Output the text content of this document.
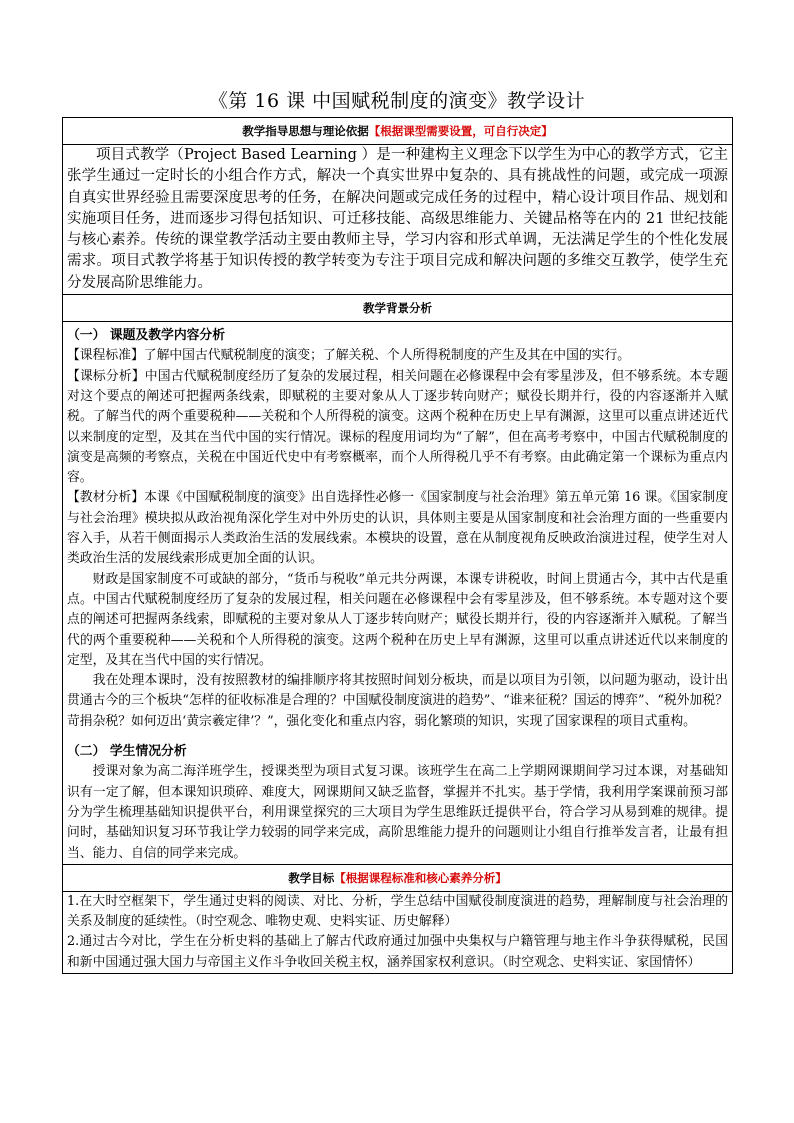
《第 16 课 中国赋税制度的演变》教学设计
教学指导思想与理论依据【根据课型需要设置，可自行决定】

项目式教学（Project Based Learning ）是一种建构主义理念下以学生为中心的教学方式，它主张学生通过一定时长的小组合作方式，解决一个真实世界中复杂的、具有挑战性的问题，或完成一项源自真实世界经验且需要深度思考的任务，在解决问题或完成任务的过程中，精心设计项目作品、规划和实施项目任务，进而逐步习得包括知识、可迁移技能、高级思维能力、关键品格等在内的 21 世纪技能与核心素养。传统的课堂教学活动主要由教师主导，学习内容和形式单调，无法满足学生的个性化发展需求。项目式教学将基于知识传授的教学转变为专注于项目完成和解决问题的多维交互教学，使学生充分发展高阶思维能力。

教学背景分析

（一） 课题及教学内容分析

【课程标准】了解中国古代赋税制度的演变；了解关税、个人所得税制度的产生及其在中国的实行。

【课标分析】中国古代赋税制度经历了复杂的发展过程，相关问题在必修课程中会有零星涉及，但不够系统。本专题对这个要点的阐述可把握两条线索，即赋税的主要对象从人丁逐步转向财产；赋役长期并行，役的内容逐渐并入赋税。了解当代的两个重要税种——关税和个人所得税的演变。这两个税种在历史上早有渊源，这里可以重点讲述近代以来制度的定型，及其在当代中国的实行情况。课标的程度用词均为“了解”，但在高考考察中，中国古代赋税制度的演变是高频的考察点，关税在中国近代史中有考察概率，而个人所得税几乎不有考察。由此确定第一个课标为重点内容。

【教材分析】本课《中国赋税制度的演变》出自选择性必修一《国家制度与社会治理》第五单元第 16 课。《国家制度与社会治理》模块拟从政治视角深化学生对中外历史的认识，具体则主要是从国家制度和社会治理方面的一些重要内容入手，从若干侧面揭示人类政治生活的发展线索。本模块的设置，意在从制度视角反映政治演进过程，使学生对人类政治生活的发展线索形成更加全面的认识。

财政是国家制度不可或缺的部分，“货币与税收”单元共分两课，本课专讲税收，时间上贯通古今，其中古代是重点。中国古代赋税制度经历了复杂的发展过程，相关问题在必修课程中会有零星涉及，但不够系统。本专题对这个要点的阐述可把握两条线索，即赋税的主要对象从人丁逐步转向财产；赋役长期并行，役的内容逐渐并入赋税。了解当代的两个重要税种——关税和个人所得税的演变。这两个税种在历史上早有渊源，这里可以重点讲述近代以来制度的定型，及其在当代中国的实行情况。

我在处理本课时，没有按照教材的编排顺序将其按照时间划分板块，而是以项目为引领，以问题为驱动，设计出贯通古今的三个板块“怎样的征收标准是合理的？中国赋役制度演进的趋势”、“谁来征税？国运的博弈”、“税外加税？苛捐杂税？如何迈出‘黄宗羲定律’？”，强化变化和重点内容，弱化繁琐的知识，实现了国家课程的项目式重构。

（二） 学生情况分析

授课对象为高二海洋班学生，授课类型为项目式复习课。该班学生在高二上学期网课期间学习过本课，对基础知识有一定了解，但本课知识琐碎、难度大，网课期间又缺乏监督，掌握并不扎实。基于学情，我利用学案课前预习部分为学生梳理基础知识提供平台，利用课堂探究的三大项目为学生思维跃迁提供平台，符合学习从易到难的规律。提问时，基础知识复习环节我让学力较弱的同学来完成，高阶思维能力提升的问题则让小组自行推举发言者，让最有担当、能力、自信的同学来完成。

教学目标【根据课程标准和核心素养分析】

1.在大时空框架下，学生通过史料的阅读、对比、分析，学生总结中国赋役制度演进的趋势，理解制度与社会治理的关系及制度的延续性。（时空观念、唯物史观、史料实证、历史解释）

2.通过古今对比，学生在分析史料的基础上了解古代政府通过加强中央集权与户籍管理与地主作斗争获得赋税，民国和新中国通过强大国力与帝国主义作斗争收回关税主权，涵养国家权利意识。（时空观念、史料实证、家国情怀）
